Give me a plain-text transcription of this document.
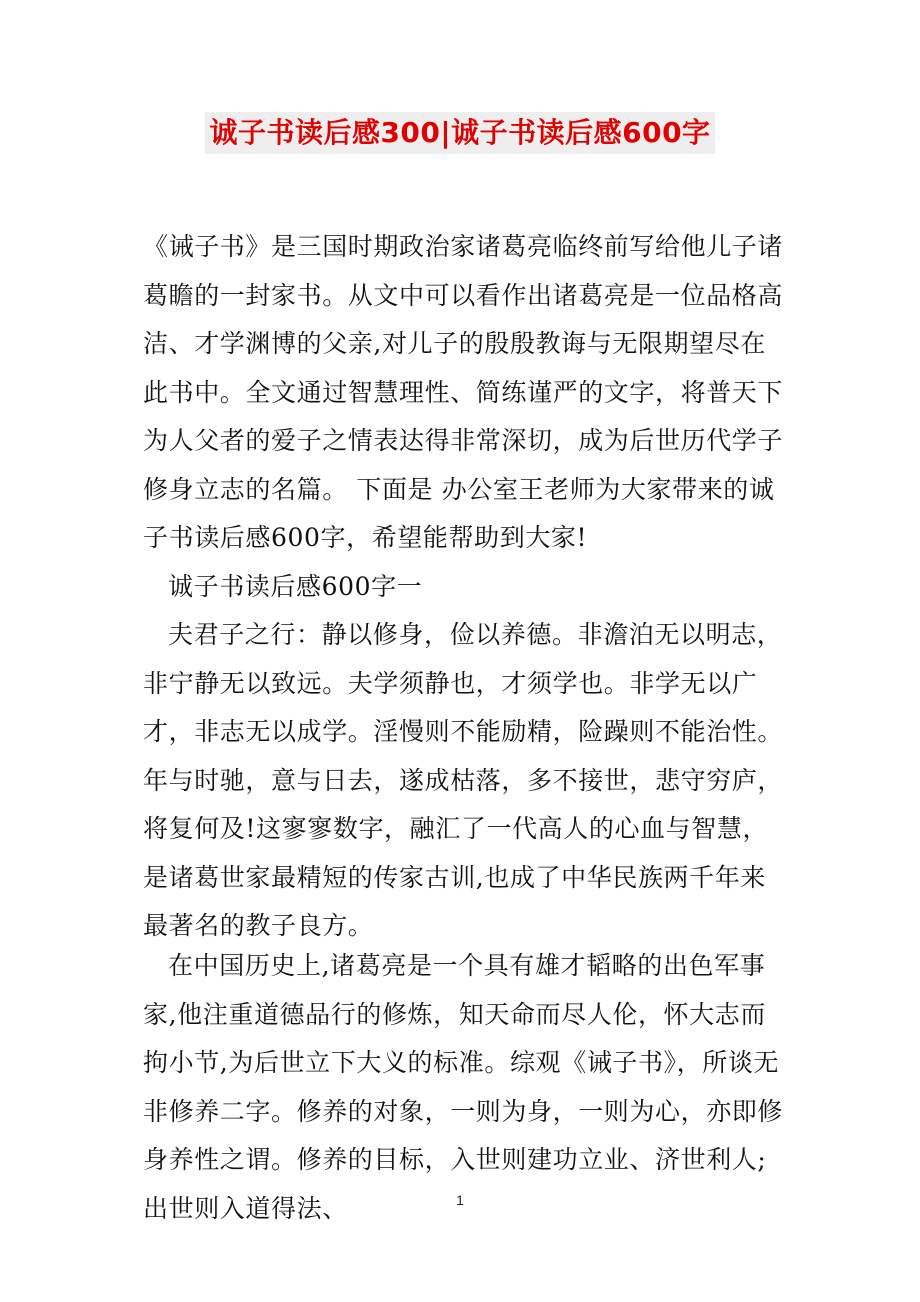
诚子书读后感300|诚子书读后感600字

《诫子书》是三国时期政治家诸葛亮临终前写给他儿子诸葛瞻的一封家书。从文中可以看作出诸葛亮是一位品格高洁、才学渊博的父亲,对儿子的殷殷教诲与无限期望尽在此书中。全文通过智慧理性、简练谨严的文字，将普天下为人父者的爱子之情表达得非常深切，成为后世历代学子修身立志的名篇。 下面是 办公室王老师为大家带来的诚子书读后感600字，希望能帮助到大家!

诚子书读后感600字一

夫君子之行：静以修身，俭以养德。非澹泊无以明志，非宁静无以致远。夫学须静也，才须学也。非学无以广才，非志无以成学。淫慢则不能励精，险躁则不能治性。年与时驰，意与日去，遂成枯落，多不接世，悲守穷庐，将复何及!这寥寥数字，融汇了一代高人的心血与智慧，是诸葛世家最精短的传家古训,也成了中华民族两千年来最著名的教子良方。

在中国历史上,诸葛亮是一个具有雄才韬略的出色军事家,他注重道德品行的修炼，知天命而尽人伦，怀大志而拘小节,为后世立下大义的标准。综观《诫子书》，所谈无非修养二字。修养的对象，一则为身，一则为心，亦即修身养性之谓。修养的目标，入世则建功立业、济世利人;出世则入道得法、	1
